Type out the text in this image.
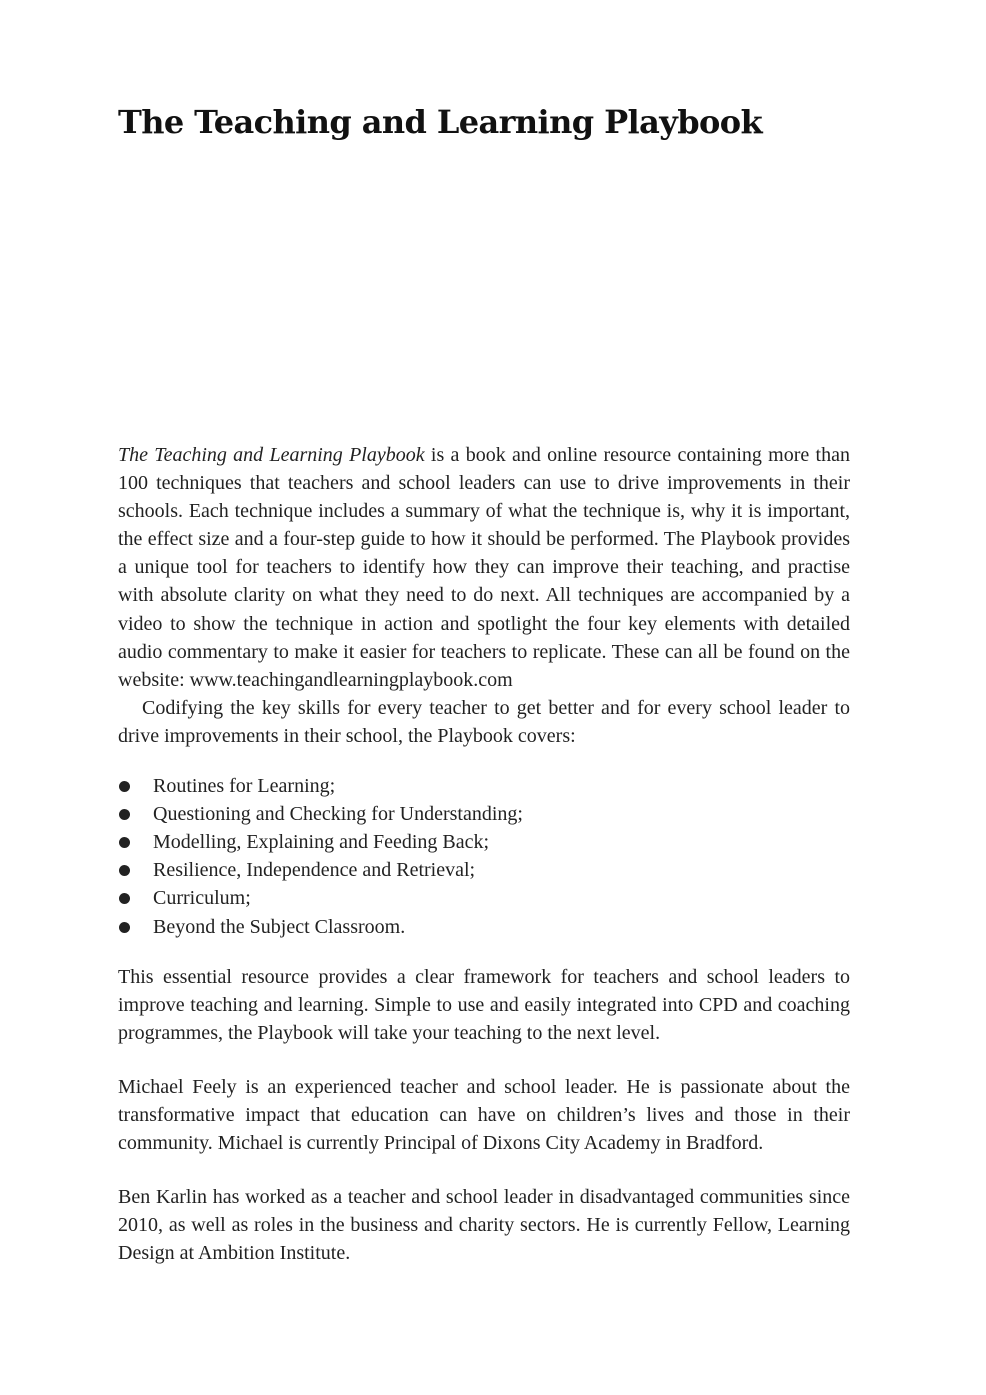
The Teaching and Learning Playbook

The Teaching and Learning Playbook is a book and online resource containing more than 100 techniques that teachers and school leaders can use to drive improvements in their schools. Each technique includes a summary of what the technique is, why it is important, the effect size and a four-step guide to how it should be performed. The Playbook provides a unique tool for teachers to identify how they can improve their teaching, and practise with absolute clarity on what they need to do next. All techniques are accompanied by a video to show the technique in action and spotlight the four key elements with detailed audio commentary to make it easier for teachers to replicate. These can all be found on the website: www.teachingandlearningplaybook.com

Codifying the key skills for every teacher to get better and for every school leader to drive improvements in their school, the Playbook covers:

Routines for Learning;
Questioning and Checking for Understanding;
Modelling, Explaining and Feeding Back;
Resilience, Independence and Retrieval;
Curriculum;
Beyond the Subject Classroom.

This essential resource provides a clear framework for teachers and school leaders to improve teaching and learning. Simple to use and easily integrated into CPD and coaching programmes, the Playbook will take your teaching to the next level.

Michael Feely is an experienced teacher and school leader. He is passionate about the transformative impact that education can have on children’s lives and those in their community. Michael is currently Principal of Dixons City Academy in Bradford.

Ben Karlin has worked as a teacher and school leader in disadvantaged communities since 2010, as well as roles in the business and charity sectors. He is currently Fellow, Learning Design at Ambition Institute.
